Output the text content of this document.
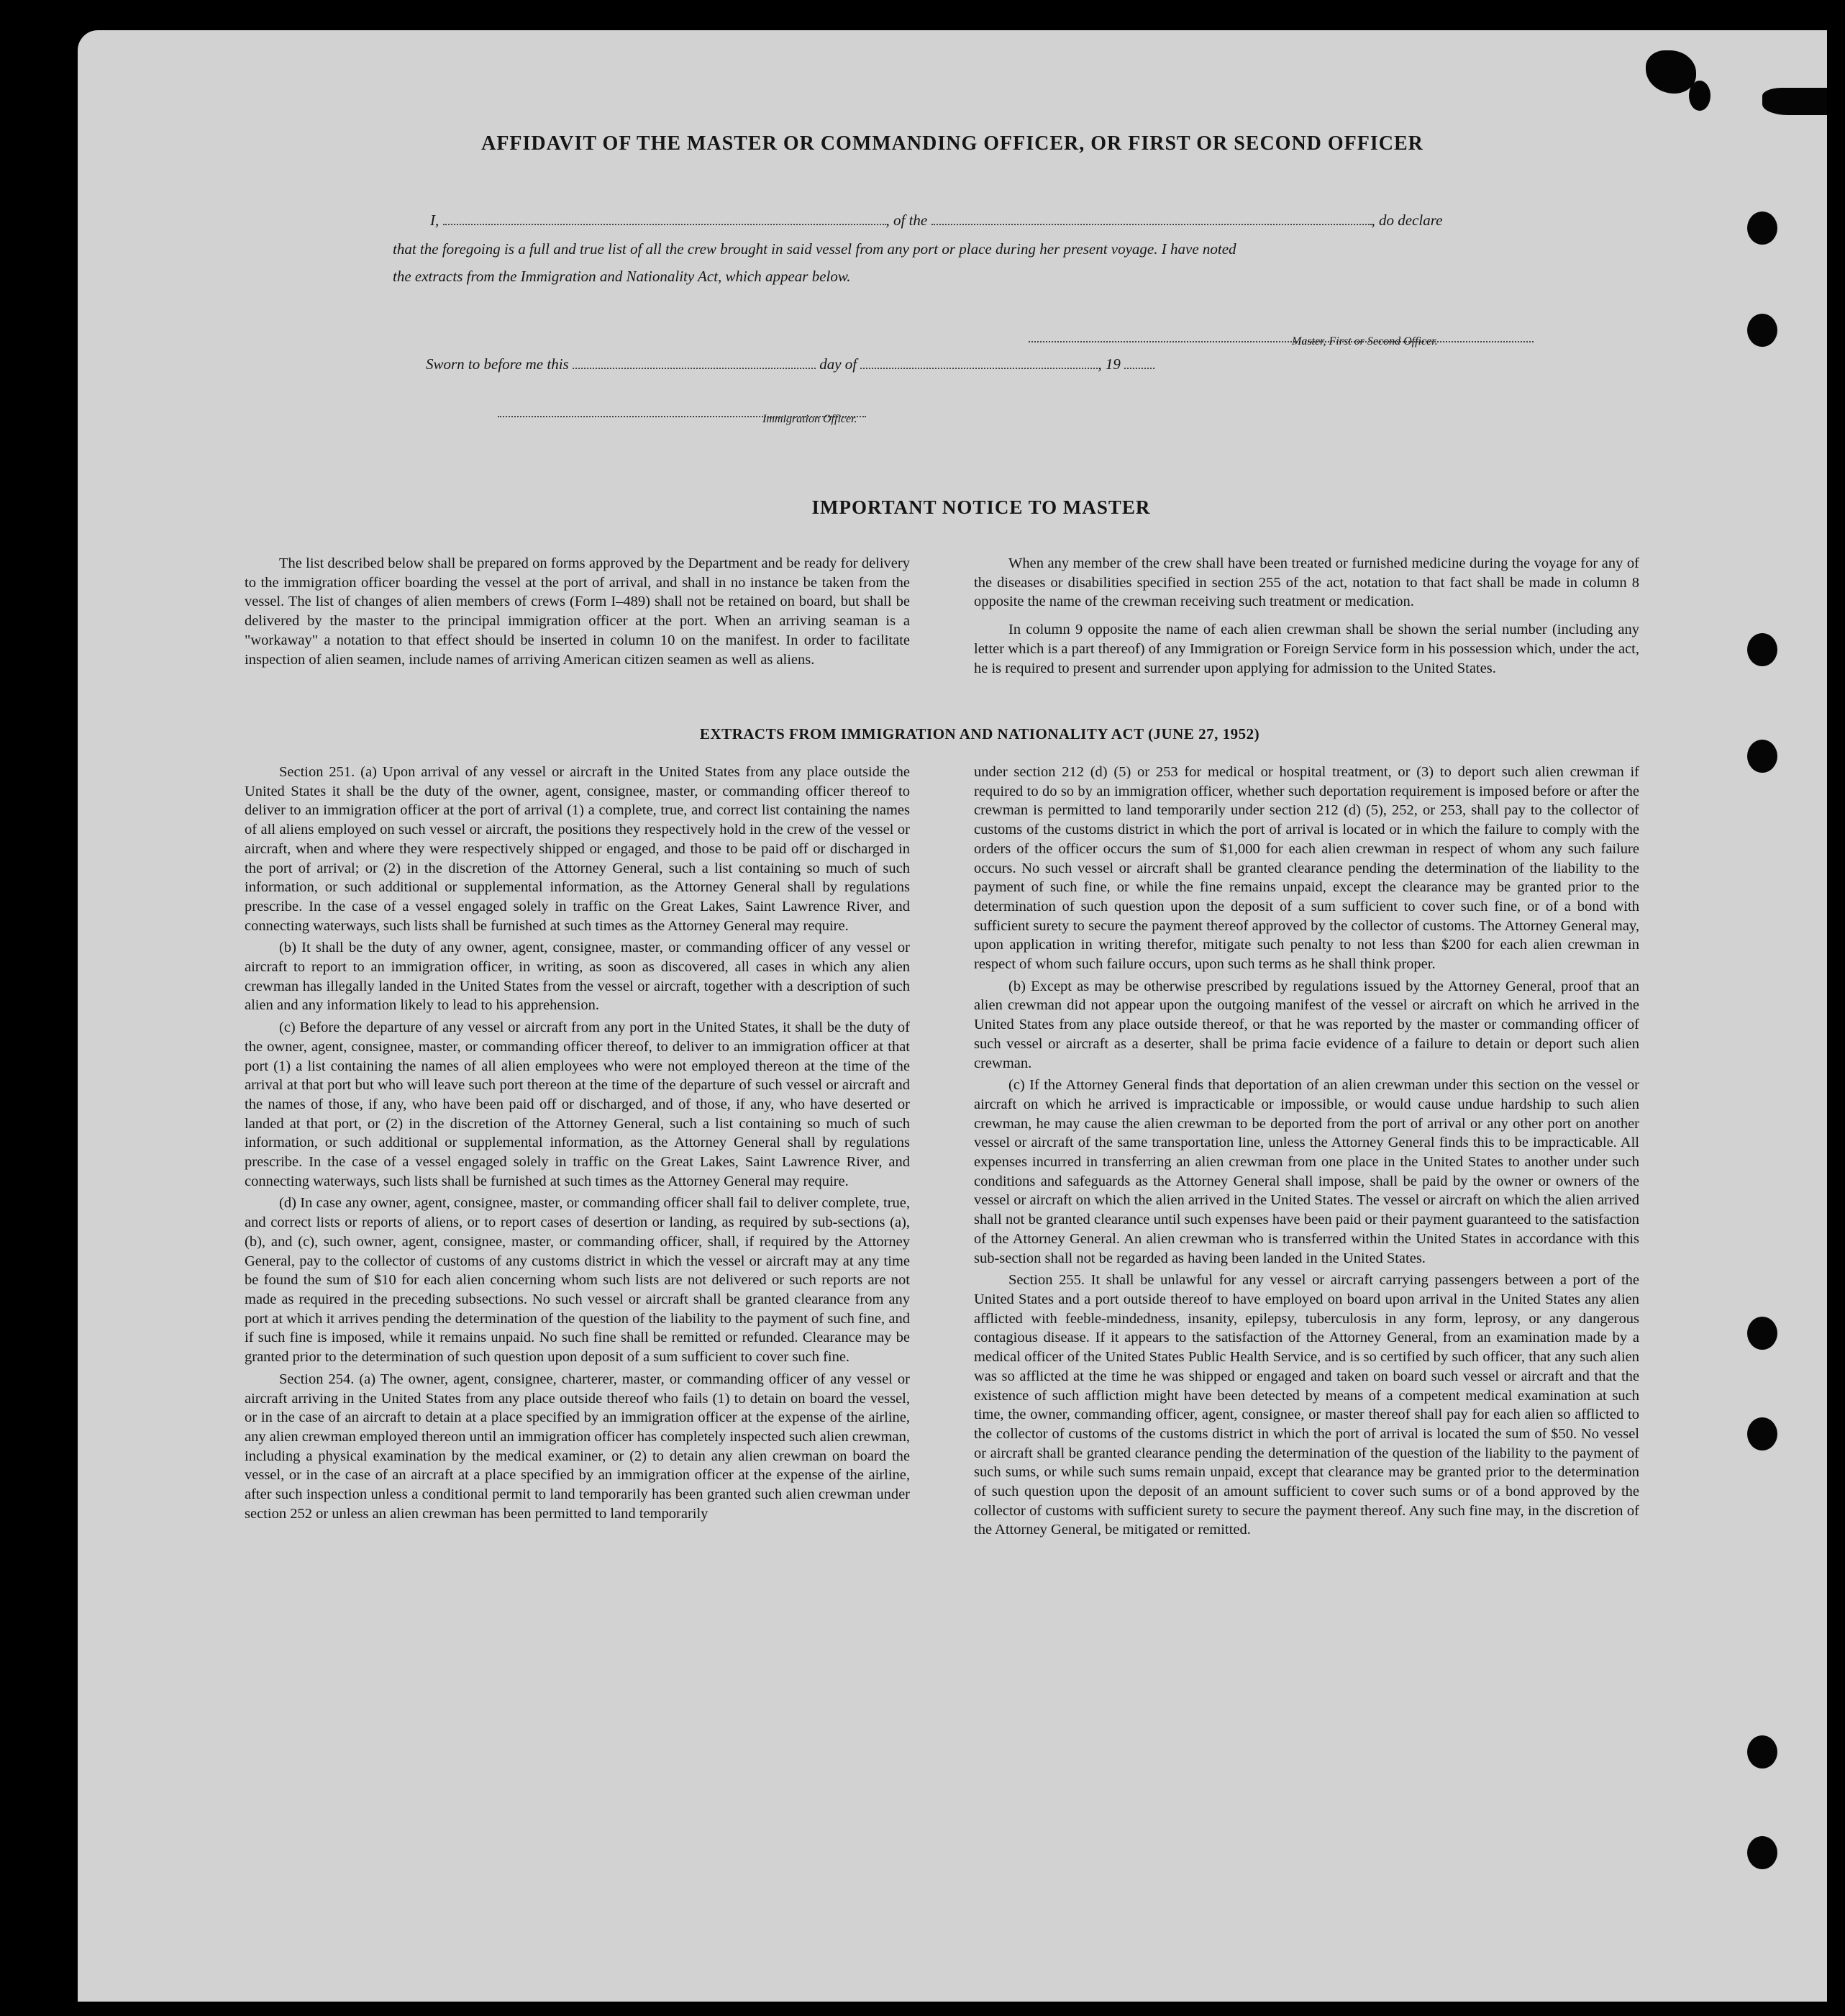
AFFIDAVIT OF THE MASTER OR COMMANDING OFFICER, OR FIRST OR SECOND OFFICER
I,	, of the	, do declare
that the foregoing is a full and true list of all the crew brought in said vessel from any port or place during her present voyage. I have noted
the extracts from the Immigration and Nationality Act, which appear below.
Master, First or Second Officer.
Sworn to before me this	day of	, 19
Immigration Officer.
IMPORTANT NOTICE TO MASTER

The list described below shall be prepared on forms approved by the Department and be ready for delivery to the immigration officer boarding the vessel at the port of arrival, and shall in no instance be taken from the vessel. The list of changes of alien members of crews (Form I–489) shall not be retained on board, but shall be delivered by the master to the principal immigration officer at the port. When an arriving seaman is a "workaway" a notation to that effect should be inserted in column 10 on the manifest. In order to facilitate inspection of alien seamen, include names of arriving American citizen seamen as well as aliens.

When any member of the crew shall have been treated or furnished medicine during the voyage for any of the diseases or disabilities specified in section 255 of the act, notation to that fact shall be made in column 8 opposite the name of the crewman receiving such treatment or medication.

In column 9 opposite the name of each alien crewman shall be shown the serial number (including any letter which is a part thereof) of any Immigration or Foreign Service form in his possession which, under the act, he is required to present and surrender upon applying for admission to the United States.

EXTRACTS FROM IMMIGRATION AND NATIONALITY ACT (JUNE 27, 1952)

Section 251. (a) Upon arrival of any vessel or aircraft in the United States from any place outside the United States it shall be the duty of the owner, agent, consignee, master, or commanding officer thereof to deliver to an immigration officer at the port of arrival (1) a complete, true, and correct list containing the names of all aliens employed on such vessel or aircraft, the positions they respectively hold in the crew of the vessel or aircraft, when and where they were respectively shipped or engaged, and those to be paid off or discharged in the port of arrival; or (2) in the discretion of the Attorney General, such a list containing so much of such information, or such additional or supplemental information, as the Attorney General shall by regulations prescribe. In the case of a vessel engaged solely in traffic on the Great Lakes, Saint Lawrence River, and connecting waterways, such lists shall be furnished at such times as the Attorney General may require.

(b) It shall be the duty of any owner, agent, consignee, master, or commanding officer of any vessel or aircraft to report to an immigration officer, in writing, as soon as discovered, all cases in which any alien crewman has illegally landed in the United States from the vessel or aircraft, together with a description of such alien and any information likely to lead to his apprehension.

(c) Before the departure of any vessel or aircraft from any port in the United States, it shall be the duty of the owner, agent, consignee, master, or commanding officer thereof, to deliver to an immigration officer at that port (1) a list containing the names of all alien employees who were not employed thereon at the time of the arrival at that port but who will leave such port thereon at the time of the departure of such vessel or aircraft and the names of those, if any, who have been paid off or discharged, and of those, if any, who have deserted or landed at that port, or (2) in the discretion of the Attorney General, such a list containing so much of such information, or such additional or supplemental information, as the Attorney General shall by regulations prescribe. In the case of a vessel engaged solely in traffic on the Great Lakes, Saint Lawrence River, and connecting waterways, such lists shall be furnished at such times as the Attorney General may require.

(d) In case any owner, agent, consignee, master, or commanding officer shall fail to deliver complete, true, and correct lists or reports of aliens, or to report cases of desertion or landing, as required by sub-sections (a), (b), and (c), such owner, agent, consignee, master, or commanding officer, shall, if required by the Attorney General, pay to the collector of customs of any customs district in which the vessel or aircraft may at any time be found the sum of $10 for each alien concerning whom such lists are not delivered or such reports are not made as required in the preceding subsections. No such vessel or aircraft shall be granted clearance from any port at which it arrives pending the determination of the question of the liability to the payment of such fine, and if such fine is imposed, while it remains unpaid. No such fine shall be remitted or refunded. Clearance may be granted prior to the determination of such question upon deposit of a sum sufficient to cover such fine.

Section 254. (a) The owner, agent, consignee, charterer, master, or commanding officer of any vessel or aircraft arriving in the United States from any place outside thereof who fails (1) to detain on board the vessel, or in the case of an aircraft to detain at a place specified by an immigration officer at the expense of the airline, any alien crewman employed thereon until an immigration officer has completely inspected such alien crewman, including a physical examination by the medical examiner, or (2) to detain any alien crewman on board the vessel, or in the case of an aircraft at a place specified by an immigration officer at the expense of the airline, after such inspection unless a conditional permit to land temporarily has been granted such alien crewman under section 252 or unless an alien crewman has been permitted to land temporarily

under section 212 (d) (5) or 253 for medical or hospital treatment, or (3) to deport such alien crewman if required to do so by an immigration officer, whether such deportation requirement is imposed before or after the crewman is permitted to land temporarily under section 212 (d) (5), 252, or 253, shall pay to the collector of customs of the customs district in which the port of arrival is located or in which the failure to comply with the orders of the officer occurs the sum of $1,000 for each alien crewman in respect of whom any such failure occurs. No such vessel or aircraft shall be granted clearance pending the determination of the liability to the payment of such fine, or while the fine remains unpaid, except the clearance may be granted prior to the determination of such question upon the deposit of a sum sufficient to cover such fine, or of a bond with sufficient surety to secure the payment thereof approved by the collector of customs. The Attorney General may, upon application in writing therefor, mitigate such penalty to not less than $200 for each alien crewman in respect of whom such failure occurs, upon such terms as he shall think proper.

(b) Except as may be otherwise prescribed by regulations issued by the Attorney General, proof that an alien crewman did not appear upon the outgoing manifest of the vessel or aircraft on which he arrived in the United States from any place outside thereof, or that he was reported by the master or commanding officer of such vessel or aircraft as a deserter, shall be prima facie evidence of a failure to detain or deport such alien crewman.

(c) If the Attorney General finds that deportation of an alien crewman under this section on the vessel or aircraft on which he arrived is impracticable or impossible, or would cause undue hardship to such alien crewman, he may cause the alien crewman to be deported from the port of arrival or any other port on another vessel or aircraft of the same transportation line, unless the Attorney General finds this to be impracticable. All expenses incurred in transferring an alien crewman from one place in the United States to another under such conditions and safeguards as the Attorney General shall impose, shall be paid by the owner or owners of the vessel or aircraft on which the alien arrived in the United States. The vessel or aircraft on which the alien arrived shall not be granted clearance until such expenses have been paid or their payment guaranteed to the satisfaction of the Attorney General. An alien crewman who is transferred within the United States in accordance with this sub-section shall not be regarded as having been landed in the United States.

Section 255. It shall be unlawful for any vessel or aircraft carrying passengers between a port of the United States and a port outside thereof to have employed on board upon arrival in the United States any alien afflicted with feeble-mindedness, insanity, epilepsy, tuberculosis in any form, leprosy, or any dangerous contagious disease. If it appears to the satisfaction of the Attorney General, from an examination made by a medical officer of the United States Public Health Service, and is so certified by such officer, that any such alien was so afflicted at the time he was shipped or engaged and taken on board such vessel or aircraft and that the existence of such affliction might have been detected by means of a competent medical examination at such time, the owner, commanding officer, agent, consignee, or master thereof shall pay for each alien so afflicted to the collector of customs of the customs district in which the port of arrival is located the sum of $50. No vessel or aircraft shall be granted clearance pending the determination of the question of the liability to the payment of such sums, or while such sums remain unpaid, except that clearance may be granted prior to the determination of such question upon the deposit of an amount sufficient to cover such sums or of a bond approved by the collector of customs with sufficient surety to secure the payment thereof. Any such fine may, in the discretion of the Attorney General, be mitigated or remitted.
